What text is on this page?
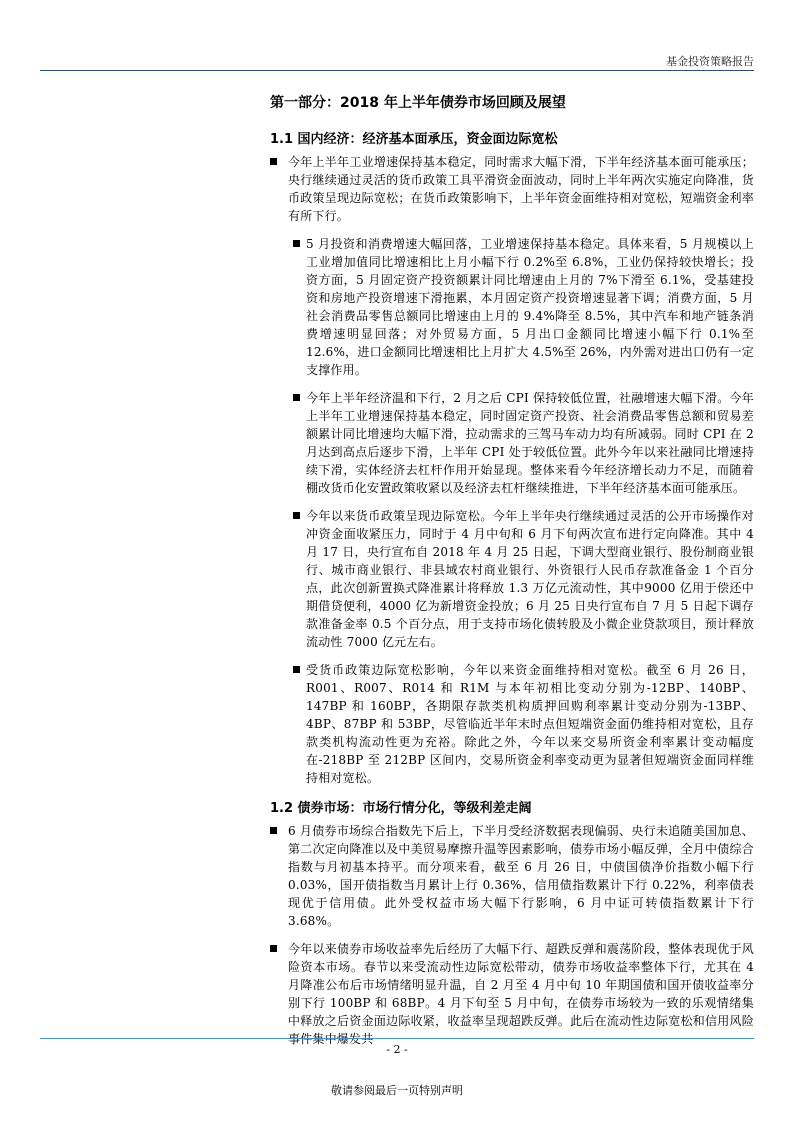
基金投资策略报告
第一部分：2018 年上半年债券市场回顾及展望
1.1 国内经济：经济基本面承压，资金面边际宽松
今年上半年工业增速保持基本稳定，同时需求大幅下滑，下半年经济基本面可能承压；央行继续通过灵活的货币政策工具平滑资金面波动，同时上半年两次实施定向降准，货币政策呈现边际宽松；在货币政策影响下，上半年资金面维持相对宽松，短端资金利率有所下行。
5 月投资和消费增速大幅回落，工业增速保持基本稳定。具体来看，5 月规模以上工业增加值同比增速相比上月小幅下行 0.2%至 6.8%，工业仍保持较快增长；投资方面，5 月固定资产投资额累计同比增速由上月的 7%下滑至 6.1%，受基建投资和房地产投资增速下滑拖累，本月固定资产投资增速显著下调；消费方面，5 月社会消费品零售总额同比增速由上月的 9.4%降至 8.5%，其中汽车和地产链条消费增速明显回落；对外贸易方面，5 月出口金额同比增速小幅下行 0.1%至 12.6%，进口金额同比增速相比上月扩大 4.5%至 26%，内外需对进出口仍有一定支撑作用。
今年上半年经济温和下行，2 月之后 CPI 保持较低位置，社融增速大幅下滑。今年上半年工业增速保持基本稳定，同时固定资产投资、社会消费品零售总额和贸易差额累计同比增速均大幅下滑，拉动需求的三驾马车动力均有所减弱。同时 CPI 在 2 月达到高点后逐步下滑，上半年 CPI 处于较低位置。此外今年以来社融同比增速持续下滑，实体经济去杠杆作用开始显现。整体来看今年经济增长动力不足，而随着棚改货币化安置政策收紧以及经济去杠杆继续推进，下半年经济基本面可能承压。
今年以来货币政策呈现边际宽松。今年上半年央行继续通过灵活的公开市场操作对冲资金面收紧压力，同时于 4 月中旬和 6 月下旬两次宣布进行定向降准。其中 4 月 17 日，央行宣布自 2018 年 4 月 25 日起，下调大型商业银行、股份制商业银行、城市商业银行、非县域农村商业银行、外资银行人民币存款准备金 1 个百分点，此次创新置换式降准累计将释放 1.3 万亿元流动性，其中9000 亿用于偿还中期借贷便利，4000 亿为新增资金投放；6 月 25 日央行宣布自 7 月 5 日起下调存款准备金率 0.5 个百分点，用于支持市场化债转股及小微企业贷款项目，预计释放流动性 7000 亿元左右。
受货币政策边际宽松影响，今年以来资金面维持相对宽松。截至 6 月 26 日，R001、R007、R014 和 R1M 与本年初相比变动分别为-12BP、140BP、147BP 和 160BP，各期限存款类机构质押回购利率累计变动分别为-13BP、4BP、87BP 和 53BP，尽管临近半年末时点但短端资金面仍维持相对宽松，且存款类机构流动性更为充裕。除此之外，今年以来交易所资金利率累计变动幅度在-218BP 至 212BP 区间内，交易所资金利率变动更为显著但短端资金面同样维持相对宽松。
1.2 债券市场：市场行情分化，等级利差走阔
6 月债券市场综合指数先下后上，下半月受经济数据表现偏弱、央行未追随美国加息、第二次定向降准以及中美贸易摩擦升温等因素影响，债券市场小幅反弹，全月中债综合指数与月初基本持平。而分项来看，截至 6 月 26 日，中债国债净价指数小幅下行 0.03%，国开债指数当月累计上行 0.36%，信用债指数累计下行 0.22%，利率债表现优于信用债。此外受权益市场大幅下行影响，6 月中证可转债指数累计下行 3.68%。
今年以来债券市场收益率先后经历了大幅下行、超跌反弹和震荡阶段，整体表现优于风险资本市场。春节以来受流动性边际宽松带动，债券市场收益率整体下行，尤其在 4 月降准公布后市场情绪明显升温，自 2 月至 4 月中旬 10 年期国债和国开债收益率分别下行 100BP 和 68BP。4 月下旬至 5 月中旬，在债券市场较为一致的乐观情绪集中释放之后资金面边际收紧，收益率呈现超跌反弹。此后在流动性边际宽松和信用风险事件集中爆发共
- 2 -
敬请参阅最后一页特别声明
